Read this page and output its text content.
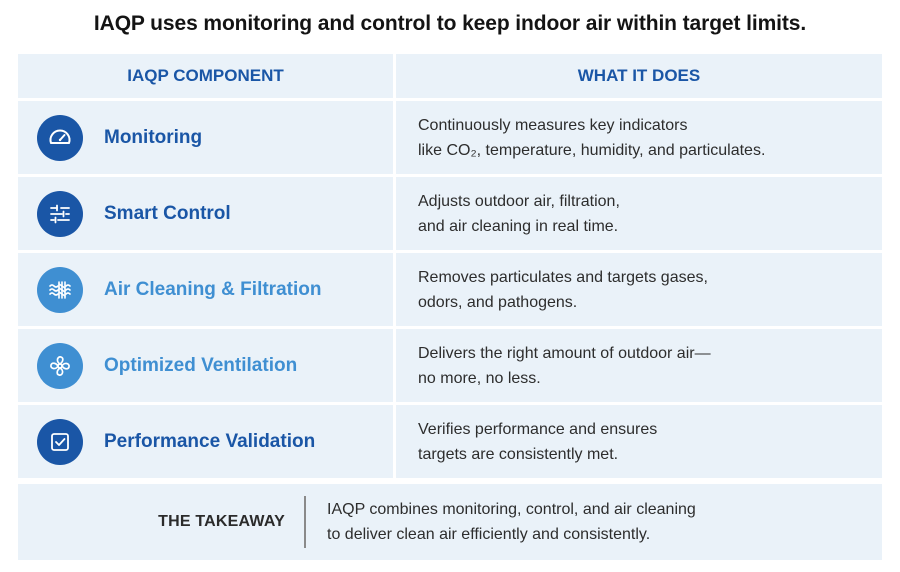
IAQP uses monitoring and control to keep indoor air within target limits.
IAQP COMPONENT	WHAT IT DOES
Monitoring
Continuously measures key indicators
like CO₂, temperature, humidity, and particulates.
Smart Control
Adjusts outdoor air, filtration,
and air cleaning in real time.
Air Cleaning & Filtration
Removes particulates and targets gases,
odors, and pathogens.
Optimized Ventilation
Delivers the right amount of outdoor air—
no more, no less.
Performance Validation
Verifies performance and ensures
targets are consistently met.
THE TAKEAWAY
IAQP combines monitoring, control, and air cleaning
to deliver clean air efficiently and consistently.
